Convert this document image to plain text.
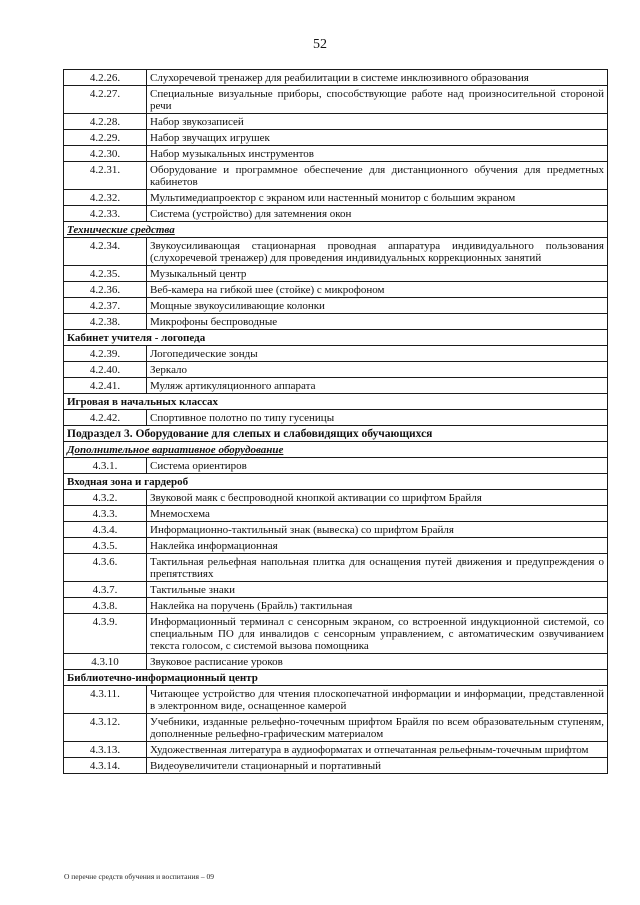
52
4.2.26.	Слухоречевой тренажер для реабилитации в системе инклюзивного образования
4.2.27.	Специальные визуальные приборы, способствующие работе над произносительной стороной речи
4.2.28.	Набор звукозаписей
4.2.29.	Набор звучащих игрушек
4.2.30.	Набор музыкальных инструментов
4.2.31.	Оборудование и программное обеспечение для дистанционного обучения для предметных кабинетов
4.2.32.	Мультимедиапроектор с экраном или настенный монитор с большим экраном
4.2.33.	Система (устройство) для затемнения окон
Технические средства	
4.2.34.	Звукоусиливающая стационарная проводная аппаратура индивидуального пользования (слухоречевой тренажер) для проведения индивидуальных коррекционных занятий
4.2.35.	Музыкальный центр
4.2.36.	Веб-камера на гибкой шее (стойке) с микрофоном
4.2.37.	Мощные звукоусиливающие колонки
4.2.38.	Микрофоны беспроводные
Кабинет учителя - логопеда	
4.2.39.	Логопедические зонды
4.2.40.	Зеркало
4.2.41.	Муляж артикуляционного аппарата
Игровая в начальных классах	
4.2.42.	Спортивное полотно по типу гусеницы
Подраздел 3. Оборудование для слепых и слабовидящих обучающихся	
Дополнительное вариативное оборудование	
4.3.1.	Система ориентиров
Входная зона и гардероб	
4.3.2.	Звуковой маяк с беспроводной кнопкой активации со шрифтом Брайля
4.3.3.	Мнемосхема
4.3.4.	Информационно-тактильный знак (вывеска) со шрифтом Брайля
4.3.5.	Наклейка информационная
4.3.6.	Тактильная рельефная напольная плитка для оснащения путей движения и предупреждения о препятствиях
4.3.7.	Тактильные знаки
4.3.8.	Наклейка на поручень (Брайль) тактильная
4.3.9.	Информационный терминал с сенсорным экраном, со встроенной индукционной системой, со специальным ПО для инвалидов с сенсорным управлением, с автоматическим озвучиванием текста голосом, с системой вызова помощника
4.3.10	Звуковое расписание уроков
Библиотечно-информационный центр	
4.3.11.	Читающее устройство для чтения плоскопечатной информации и информации, представленной в электронном виде, оснащенное камерой
4.3.12.	Учебники, изданные рельефно-точечным шрифтом Брайля по всем образовательным ступеням, дополненные рельефно-графическим материалом
4.3.13.	Художественная литература в аудиоформатах и отпечатанная рельефным-точечным шрифтом
4.3.14.	Видеоувеличители стационарный и портативный
О перечне средств обучения и воспитания – 09
